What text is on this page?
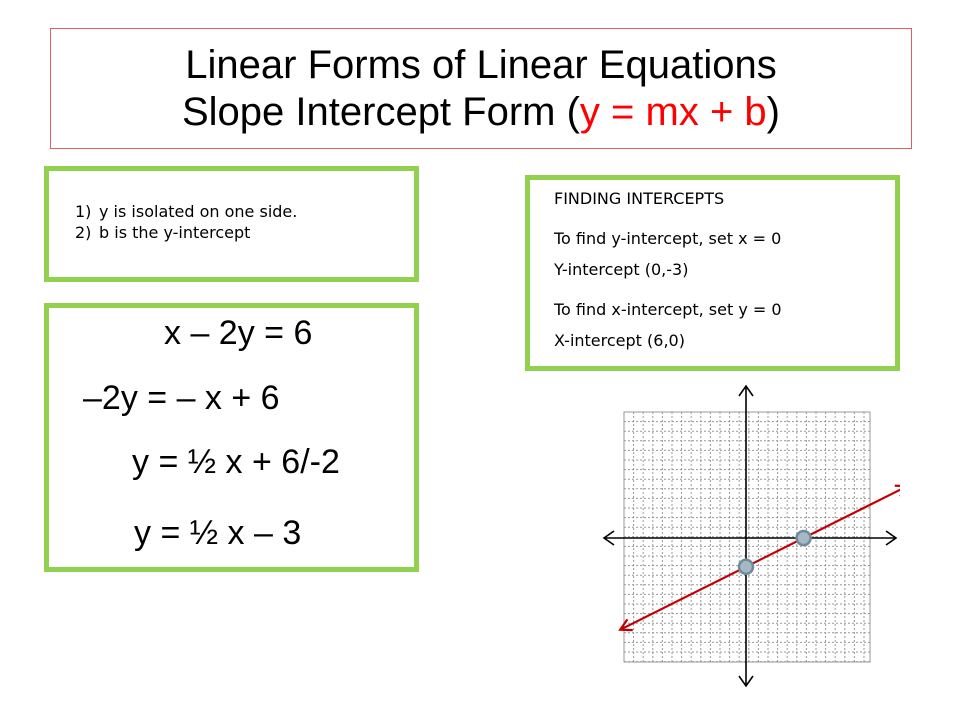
Linear Forms of Linear Equations
Slope Intercept Form (y = mx + b)
1) y is isolated on one side.
2) b is the y-intercept
x – 2y = 6
–2y = – x + 6
y = ½ x + 6/-2
y = ½ x – 3
FINDING INTERCEPTS
To find y-intercept, set x = 0
Y-intercept (0,-3)
To find x-intercept, set y = 0
X-intercept (6,0)
